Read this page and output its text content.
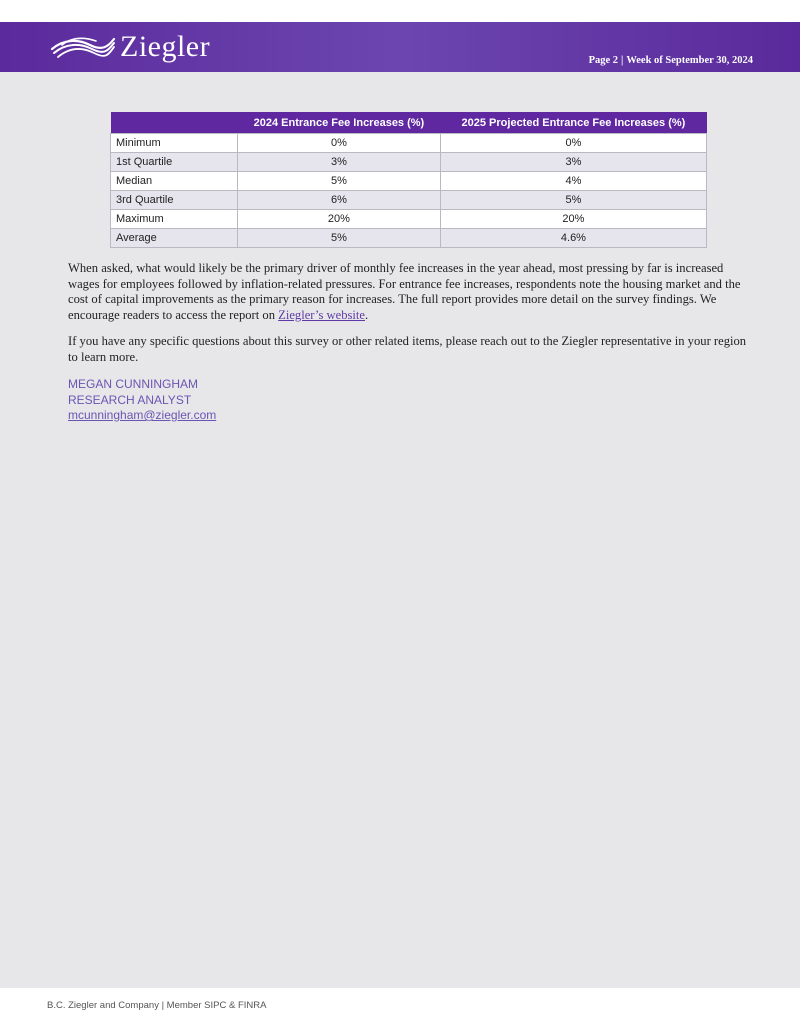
Ziegler	Page 2 | Week of September 30, 2024
	2024 Entrance Fee Increases (%)	2025 Projected Entrance Fee Increases (%)
Minimum	0%	0%
1st Quartile	3%	3%
Median	5%	4%
3rd Quartile	6%	5%
Maximum	20%	20%
Average	5%	4.6%

When asked, what would likely be the primary driver of monthly fee increases in the year ahead, most pressing by far is increased wages for employees followed by inflation-related pressures. For entrance fee increases, respondents note the housing market and the cost of capital improvements as the primary reason for increases. The full report provides more detail on the survey findings. We encourage readers to access the report on Ziegler’s website.

If you have any specific questions about this survey or other related items, please reach out to the Ziegler representative in your region to learn more.

MEGAN CUNNINGHAM
RESEARCH ANALYST
mcunningham@ziegler.com
B.C. Ziegler and Company | Member SIPC & FINRA
